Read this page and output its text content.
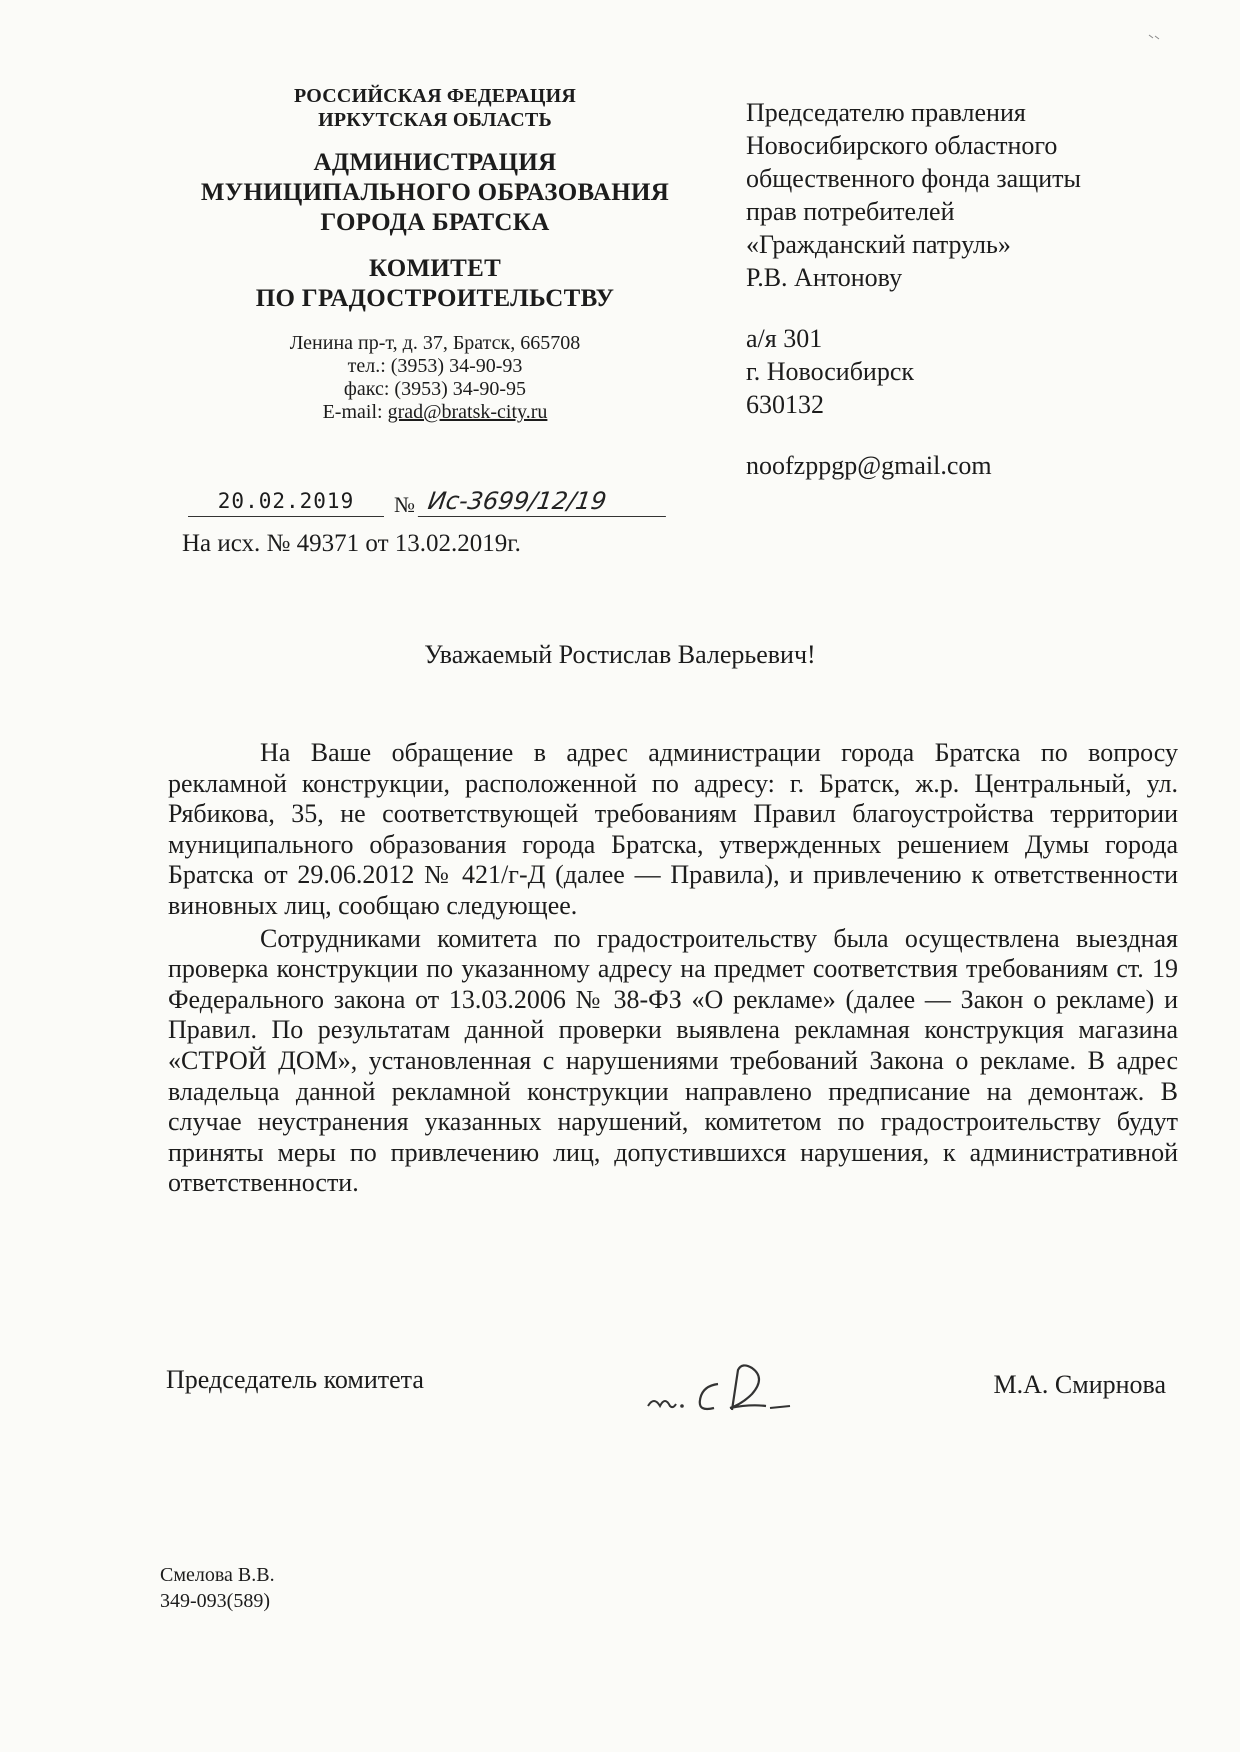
РОССИЙСКАЯ ФЕДЕРАЦИЯ
ИРКУТСКАЯ ОБЛАСТЬ
АДМИНИСТРАЦИЯ
МУНИЦИПАЛЬНОГО ОБРАЗОВАНИЯ
ГОРОДА БРАТСКА
КОМИТЕТ
ПО ГРАДОСТРОИТЕЛЬСТВУ
Ленина пр-т, д. 37, Братск, 665708
тел.: (3953) 34-90-93
факс: (3953) 34-90-95
E-mail: grad@bratsk-city.ru
20.02.2019	№ Ис-3699/12/19
На исх. № 49371 от 13.02.2019г.
Председателю правления
Новосибирского областного
общественного фонда защиты
прав потребителей
«Гражданский патруль»
Р.В. Антонову
а/я 301
г. Новосибирск
630132
noofzppgp@gmail.com
Уважаемый Ростислав Валерьевич!

На Ваше обращение в адрес администрации города Братска по вопросу рекламной конструкции, расположенной по адресу: г. Братск, ж.р. Центральный, ул. Рябикова, 35, не соответствующей требованиям Правил благоустройства территории муниципального образования города Братска, утвержденных решением Думы города Братска от 29.06.2012 № 421/г-Д (далее — Правила), и привлечению к ответственности виновных лиц, сообщаю следующее.

Сотрудниками комитета по градостроительству была осуществлена выездная проверка конструкции по указанному адресу на предмет соответствия требованиям ст. 19 Федерального закона от 13.03.2006 № 38-ФЗ «О рекламе» (далее — Закон о рекламе) и Правил. По результатам данной проверки выявлена рекламная конструкция магазина «СТРОЙ ДОМ», установленная с нарушениями требований Закона о рекламе. В адрес владельца данной рекламной конструкции направлено предписание на демонтаж. В случае неустранения указанных нарушений, комитетом по градостроительству будут приняты меры по привлечению лиц, допустившихся нарушения, к административной ответственности.

Председатель комитета	М.А. Смирнова
Смелова В.В.
349-093(589)
